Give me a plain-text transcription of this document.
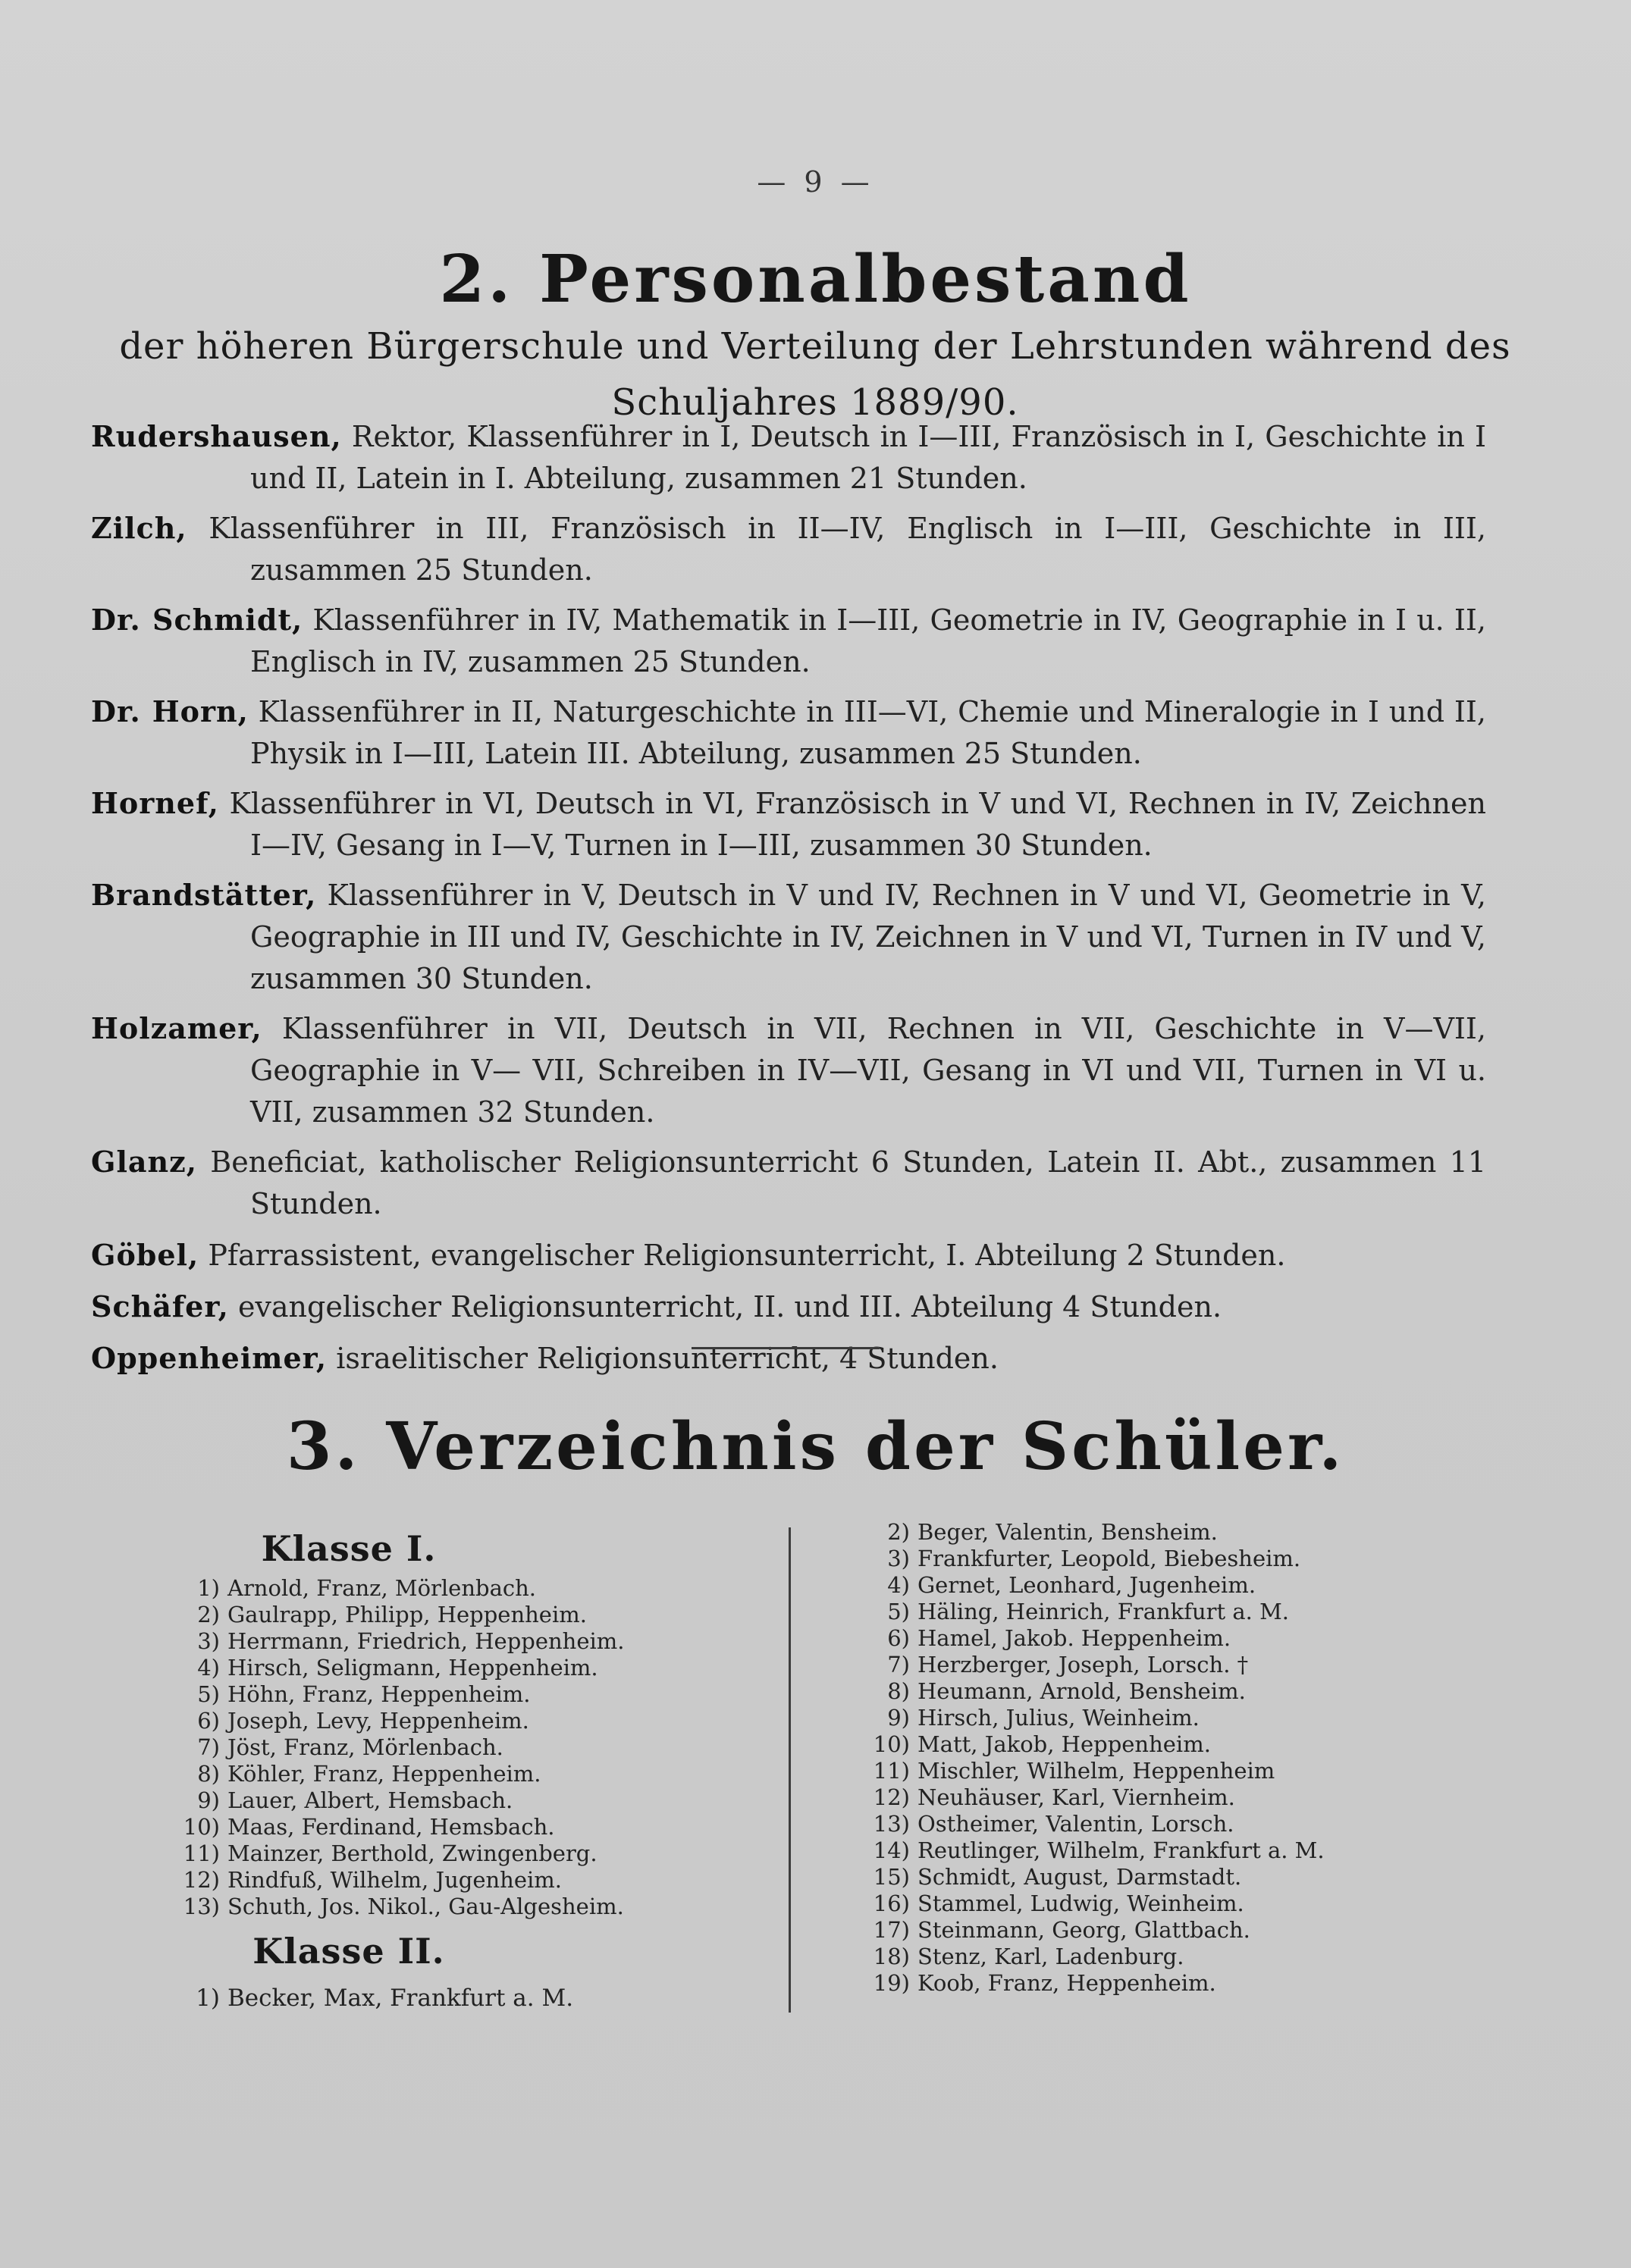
— 9 —
2. Personalbestand
der höheren Bürgerschule und Verteilung der Lehrstunden während des Schuljahres 1889/90.

Rudershausen, Rektor, Klassenführer in I, Deutsch in I—III, Französisch in I, Geschichte in I und II, Latein in I. Abteilung, zusammen 21 Stunden.

Zilch, Klassenführer in III, Französisch in II—IV, Englisch in I—III, Geschichte in III, zusammen 25 Stunden.

Dr. Schmidt, Klassenführer in IV, Mathematik in I—III, Geometrie in IV, Geographie in I u. II, Englisch in IV, zusammen 25 Stunden.

Dr. Horn, Klassenführer in II, Naturgeschichte in III—VI, Chemie und Mineralogie in I und II, Physik in I—III, Latein III. Abteilung, zusammen 25 Stunden.

Hornef, Klassenführer in VI, Deutsch in VI, Französisch in V und VI, Rechnen in IV, Zeichnen I—IV, Gesang in I—V, Turnen in I—III, zusammen 30 Stunden.

Brandstätter, Klassenführer in V, Deutsch in V und IV, Rechnen in V und VI, Geometrie in V, Geographie in III und IV, Geschichte in IV, Zeichnen in V und VI, Turnen in IV und V, zusammen 30 Stunden.

Holzamer, Klassenführer in VII, Deutsch in VII, Rechnen in VII, Geschichte in V—VII, Geographie in V— VII, Schreiben in IV—VII, Gesang in VI und VII, Turnen in VI u. VII, zusammen 32 Stunden.

Glanz, Beneficiat, katholischer Religionsunterricht 6 Stunden, Latein II. Abt., zusammen 11 Stunden.

Göbel, Pfarrassistent, evangelischer Religionsunterricht, I. Abteilung 2 Stunden.

Schäfer, evangelischer Religionsunterricht, II. und III. Abteilung 4 Stunden.

Oppenheimer, israelitischer Religionsunterricht, 4 Stunden.

3. Verzeichnis der Schüler.
Klasse I.
1) Arnold, Franz, Mörlenbach.
2) Gaulrapp, Philipp, Heppenheim.
3) Herrmann, Friedrich, Heppenheim.
4) Hirsch, Seligmann, Heppenheim.
5) Höhn, Franz, Heppenheim.
6) Joseph, Levy, Heppenheim.
7) Jöst, Franz, Mörlenbach.
8) Köhler, Franz, Heppenheim.
9) Lauer, Albert, Hemsbach.
10) Maas, Ferdinand, Hemsbach.
11) Mainzer, Berthold, Zwingenberg.
12) Rindfuß, Wilhelm, Jugenheim.
13) Schuth, Jos. Nikol., Gau-Algesheim.
Klasse II.
1) Becker, Max, Frankfurt a. M.
2) Beger, Valentin, Bensheim.
3) Frankfurter, Leopold, Biebesheim.
4) Gernet, Leonhard, Jugenheim.
5) Häling, Heinrich, Frankfurt a. M.
6) Hamel, Jakob. Heppenheim.
7) Herzberger, Joseph, Lorsch. †
8) Heumann, Arnold, Bensheim.
9) Hirsch, Julius, Weinheim.
10) Matt, Jakob, Heppenheim.
11) Mischler, Wilhelm, Heppenheim
12) Neuhäuser, Karl, Viernheim.
13) Ostheimer, Valentin, Lorsch.
14) Reutlinger, Wilhelm, Frankfurt a. M.
15) Schmidt, August, Darmstadt.
16) Stammel, Ludwig, Weinheim.
17) Steinmann, Georg, Glattbach.
18) Stenz, Karl, Ladenburg.
19) Koob, Franz, Heppenheim.
